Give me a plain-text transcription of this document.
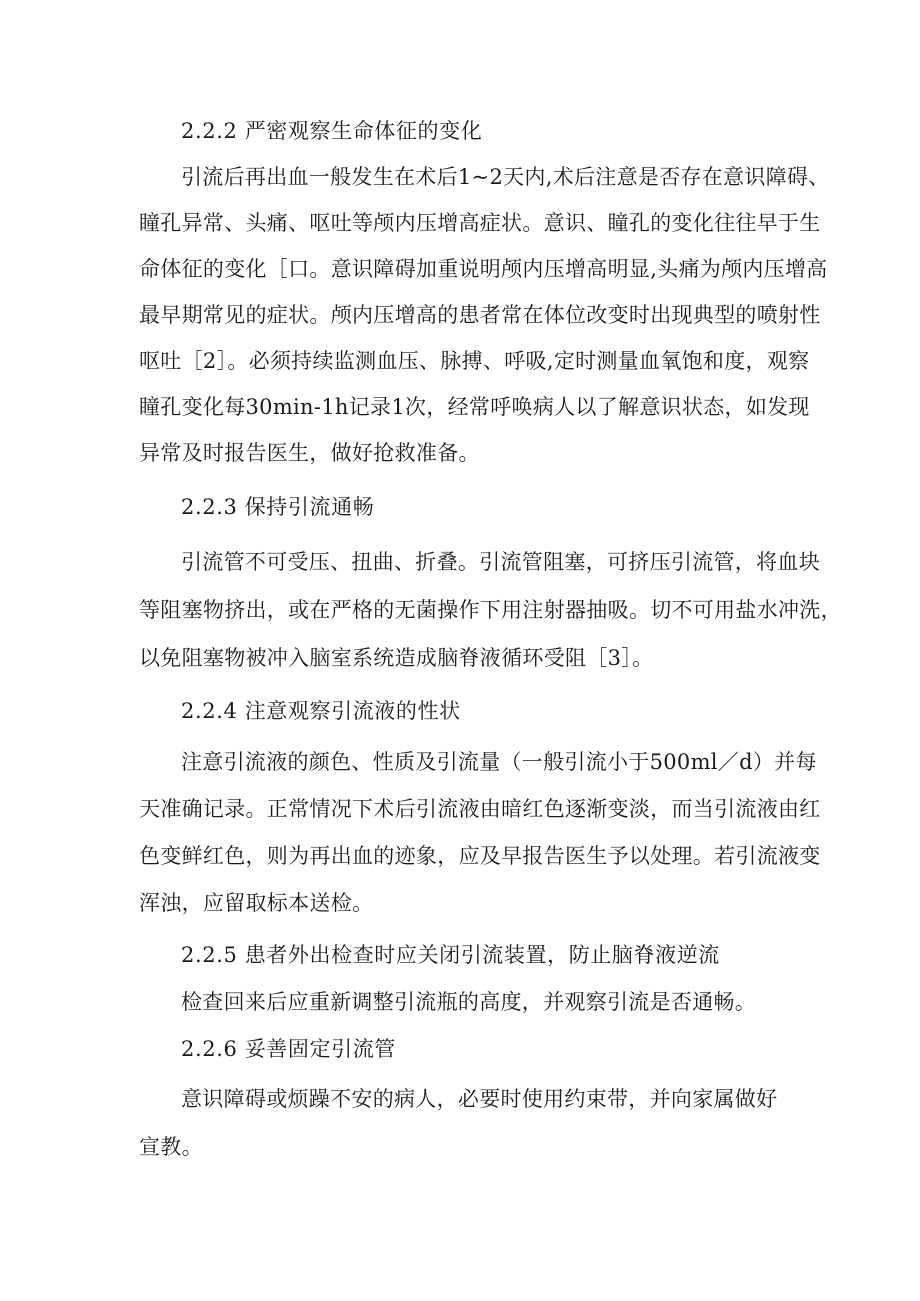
2.2.2 严密观察生命体征的变化
引流后再出血一般发生在术后1~2天内,术后注意是否存在意识障碍、
瞳孔异常、头痛、呕吐等颅内压增高症状。意识、瞳孔的变化往往早于生
命体征的变化［口。意识障碍加重说明颅内压增高明显,头痛为颅内压增高
最早期常见的症状。颅内压增高的患者常在体位改变时出现典型的喷射性
呕吐［2］。必须持续监测血压、脉搏、呼吸,定时测量血氧饱和度，观察
瞳孔变化每30min-1h记录1次，经常呼唤病人以了解意识状态，如发现
异常及时报告医生，做好抢救准备。
2.2.3 保持引流通畅
引流管不可受压、扭曲、折叠。引流管阻塞，可挤压引流管，将血块
等阻塞物挤出，或在严格的无菌操作下用注射器抽吸。切不可用盐水冲洗，
以免阻塞物被冲入脑室系统造成脑脊液循环受阻［3］。
2.2.4 注意观察引流液的性状
注意引流液的颜色、性质及引流量（一般引流小于500ml／d）并每
天准确记录。正常情况下术后引流液由暗红色逐渐变淡，而当引流液由红
色变鲜红色，则为再出血的迹象，应及早报告医生予以处理。若引流液变
浑浊，应留取标本送检。
2.2.5 患者外出检查时应关闭引流装置，防止脑脊液逆流
检查回来后应重新调整引流瓶的高度，并观察引流是否通畅。
2.2.6 妥善固定引流管
意识障碍或烦躁不安的病人，必要时使用约束带，并向家属做好
宣教。
